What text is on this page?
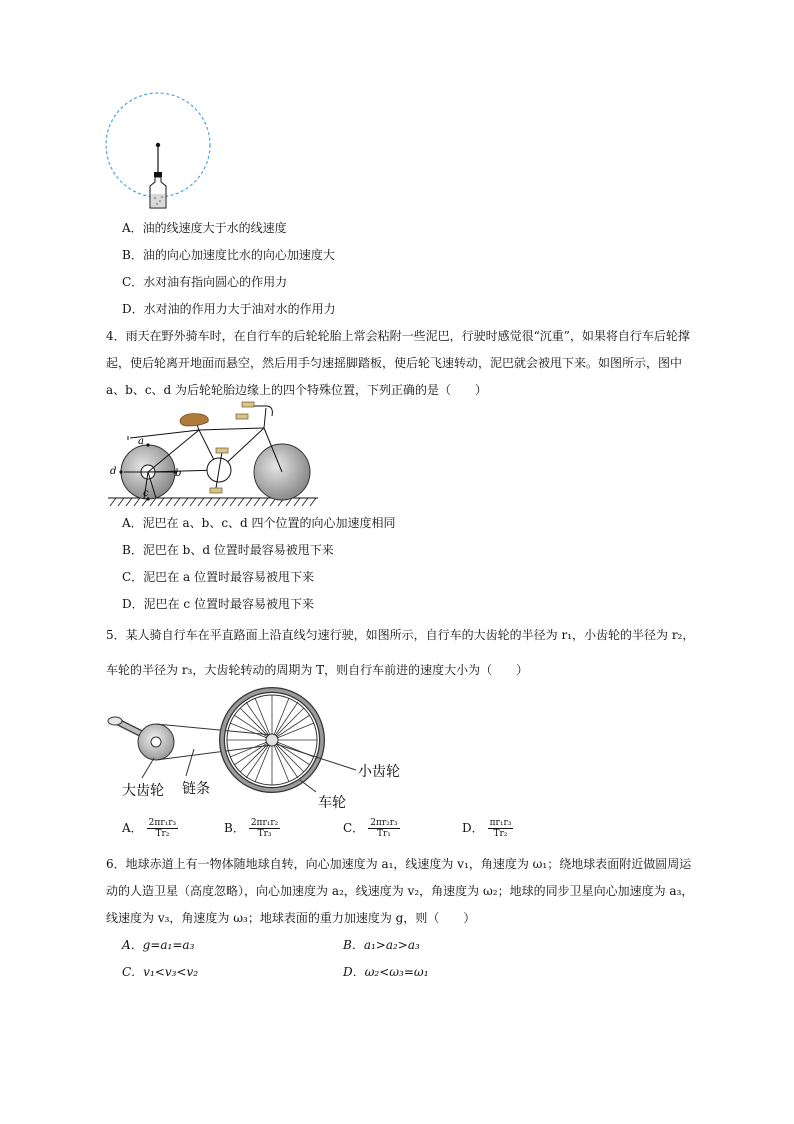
A．油的线速度大于水的线速度
B．油的向心加速度比水的向心加速度大
C．水对油有指向圆心的作用力
D．水对油的作用力大于油对水的作用力
4．雨天在野外骑车时，在自行车的后轮轮胎上常会粘附一些泥巴，行驶时感觉很“沉重”，如果将自行车后轮撑
起，使后轮离开地面而悬空，然后用手匀速摇脚踏板，使后轮飞速转动，泥巴就会被甩下来。如图所示，图中
a、b、c、d 为后轮轮胎边缘上的四个特殊位置，下列正确的是（　　）
a
b
c
d
A．泥巴在 a、b、c、d 四个位置的向心加速度相同
B．泥巴在 b、d 位置时最容易被甩下来
C．泥巴在 a 位置时最容易被甩下来
D．泥巴在 c 位置时最容易被甩下来
5．某人骑自行车在平直路面上沿直线匀速行驶，如图所示，自行车的大齿轮的半径为 r₁，小齿轮的半径为 r₂，
车轮的半径为 r₃，大齿轮转动的周期为 T，则自行车前进的速度大小为（　　）
大齿轮 链条
小齿轮
车轮
A． $\frac{\text{2πr₁r₃}}{\text{Tr₂}}$	B． $\frac{\text{2πr₁r₂}}{\text{Tr₃}}$	C． $\frac{\text{2πr₂r₃}}{\text{Tr₁}}$	D． $\frac{\text{πr₁r₃}}{\text{Tr₂}}$
6．地球赤道上有一物体随地球自转，向心加速度为 a₁，线速度为 v₁，角速度为 ω₁；绕地球表面附近做圆周运
动的人造卫星（高度忽略），向心加速度为 a₂，线速度为 v₂，角速度为 ω₂；地球的同步卫星向心加速度为 a₃，
线速度为 v₃，角速度为 ω₃；地球表面的重力加速度为 g，则（　　）
A．g=a₁=a₃	B．a₁>a₂>a₃
C．v₁<v₃<v₂	D．ω₂<ω₃=ω₁
